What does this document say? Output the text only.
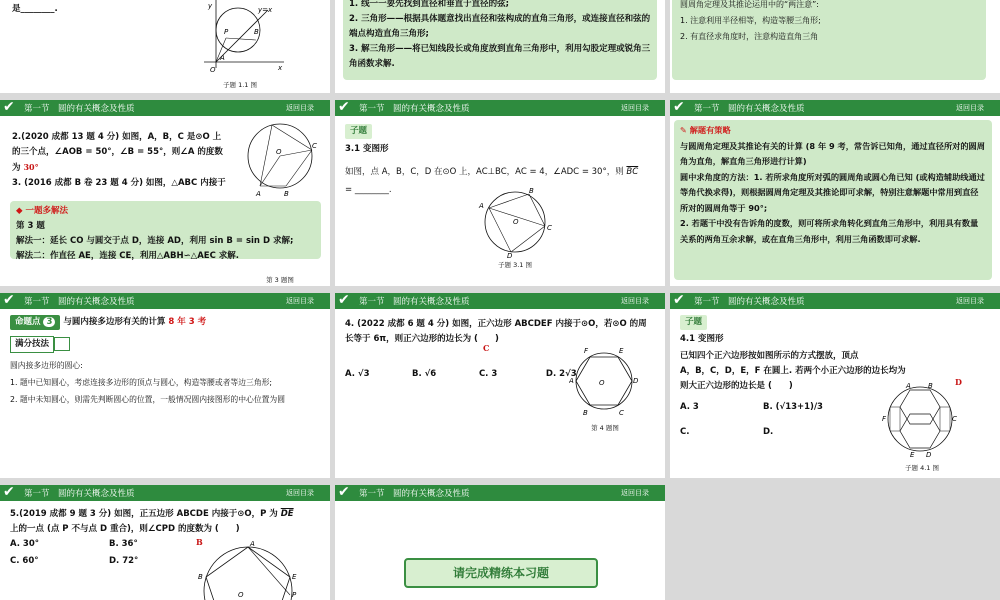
是________.	y	y=x
P	B
A
O	x
子题 1.1 图
1. 线一一要先找到直径和垂直于直径的弦;
2. 三角形——根据具体题意找出直径和弦构成的直角三角形，或连接直径和弦的端点构造直角三角形;
3. 解三角形——将已知线段长或角度放到直角三角形中，利用勾股定理或锐角三角函数求解.
圆周角定理及其推论运用中的“两注意”:
1. 注意利用半径相等，构造等腰三角形;
2. 有直径求角度时，注意构造直角三角
✔	第一节　圆的有关概念及性质	返回目录
2.(2020 成都 13 题 4 分) 如图，A，B，C 是⊙O 上的三个点，∠AOB = 50°，∠B = 55°，则∠A 的度数为 30°
3. (2016 成都 B 卷 23 题 4 分) 如图，△ABC 内接于
A	B
C
O
◆ 一题多解法
第 3 题
解法一：延长 CO 与圆交于点 D，连接 AD，利用 sin B = sin D 求解;
解法二：作直径 AE，连接 CE，利用△ABH∽△AEC 求解.
第 3 题图
✔	第一节　圆的有关概念及性质	返回目录
子题
3.1 变图形
如图，点 A，B，C，D 在⊙O 上，AC⊥BC，AC = 4，∠ADC = 30°，则 $\overline{BC}$ = ________.
A
B
C
D
O
子题 3.1 图
✔	第一节　圆的有关概念及性质	返回目录
✎ 解题有策略
与圆周角定理及其推论有关的计算 (8 年 9 考，常告诉已知角，通过直径所对的圆周角为直角，解直角三角形进行计算)
圆中求角度的方法：1. 若所求角度所对弧的圆周角或圆心角已知 (或构造辅助线通过等角代换求得)，则根据圆周角定理及其推论即可求解，特别注意解题中常用到直径所对的圆周角等于 90°;
2. 若题干中没有告诉角的度数，则可将所求角转化到直角三角形中，利用具有数量关系的两角互余求解，或在直角三角形中，利用三角函数即可求解.
✔	第一节　圆的有关概念及性质	返回目录
命题点 3 与圆内接多边形有关的计算 8 年 3 考
满分技法
圆内接多边形的圆心:
1. 题中已知圆心，考虑连接多边形的顶点与圆心，构造等腰或者等边三角形;
2. 题中未知圆心，则需先判断圆心的位置，一般情况圆内接图形的中心位置为圆
✔	第一节　圆的有关概念及性质	返回目录
4. (2022 成都 6 题 4 分) 如图，正六边形 ABCDEF 内接于⊙O，若⊙O 的周长等于 6π，则正六边形的边长为 (　　)
C
A. √3	B. √6	C. 3	D. 2√3
A
B	C
D
E
F
O
第 4 题图
✔	第一节　圆的有关概念及性质	返回目录
子题
4.1 变图形
已知四个正六边形按如图所示的方式摆放，顶点
A，B，C，D，E，F 在圆上. 若两个小正六边形的边长均为
则大正六边形的边长是 (　　)	D
A. 3	B. (√13+1)/3
C.	D.
A B
C
D
E
F
子题 4.1 图
✔	第一节　圆的有关概念及性质	返回目录
5.(2019 成都 9 题 3 分) 如图，正五边形 ABCDE 内接于⊙O，P 为 $\overline{DE}$
上的一点 (点 P 不与点 D 重合)，则∠CPD 的度数为 (　　)
B
A. 30°	B. 36°
C. 60°	D. 72°
A
B	E
O	P
✔	第一节　圆的有关概念及性质	返回目录
请完成精练本习题
